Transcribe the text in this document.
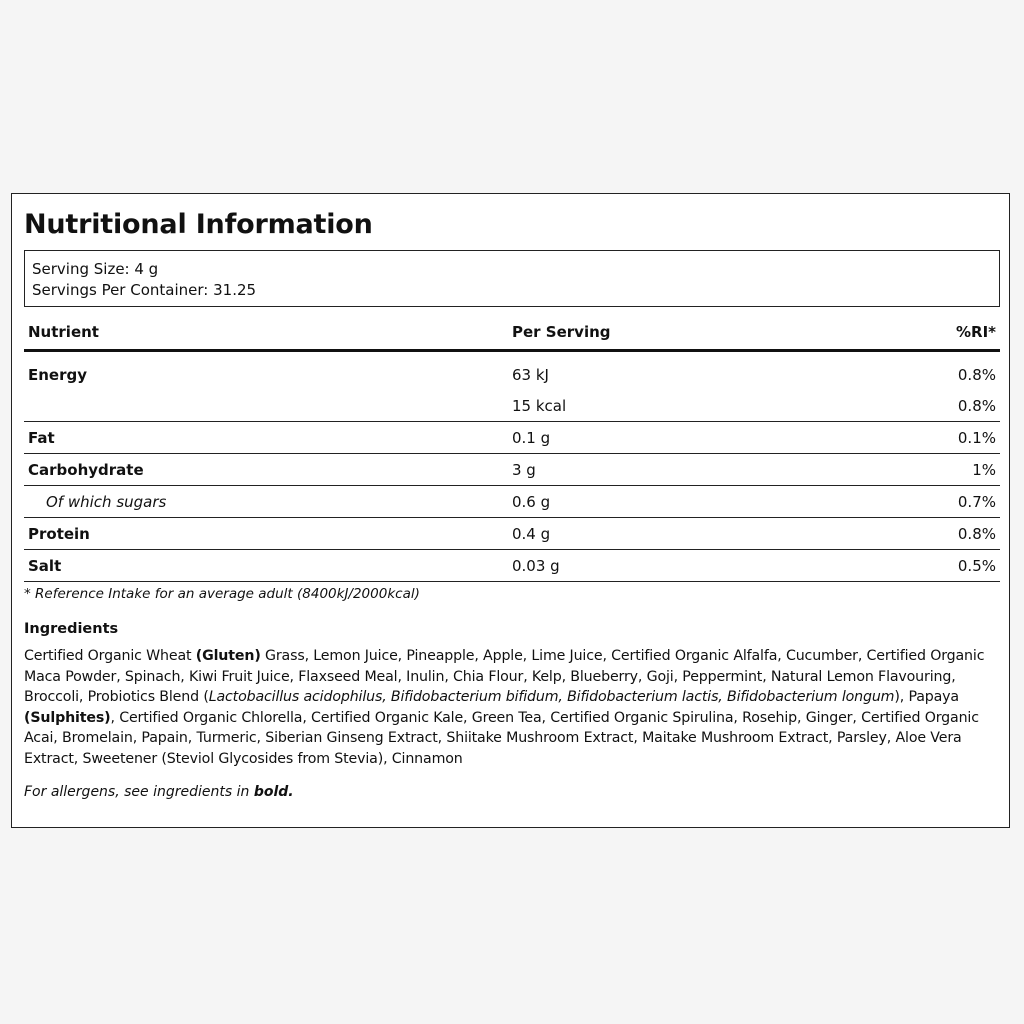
Nutritional Information
Serving Size: 4 g
Servings Per Container: 31.25
Nutrient	Per Serving	%RI*
Energy	63 kJ	0.8%
	15 kcal	0.8%
Fat	0.1 g	0.1%
Carbohydrate	3 g	1%
Of which sugars	0.6 g	0.7%
Protein	0.4 g	0.8%
Salt	0.03 g	0.5%
* Reference Intake for an average adult (8400kJ/2000kcal)
Ingredients
Certified Organic Wheat (Gluten) Grass, Lemon Juice, Pineapple, Apple, Lime Juice, Certified Organic Alfalfa, Cucumber, Certified Organic Maca Powder, Spinach, Kiwi Fruit Juice, Flaxseed Meal, Inulin, Chia Flour, Kelp, Blueberry, Goji, Peppermint, Natural Lemon Flavouring, Broccoli, Probiotics Blend (Lactobacillus acidophilus, Bifidobacterium bifidum, Bifidobacterium lactis, Bifidobacterium longum), Papaya (Sulphites), Certified Organic Chlorella, Certified Organic Kale, Green Tea, Certified Organic Spirulina, Rosehip, Ginger, Certified Organic Acai, Bromelain, Papain, Turmeric, Siberian Ginseng Extract, Shiitake Mushroom Extract, Maitake Mushroom Extract, Parsley, Aloe Vera Extract, Sweetener (Steviol Glycosides from Stevia), Cinnamon
For allergens, see ingredients in bold.
